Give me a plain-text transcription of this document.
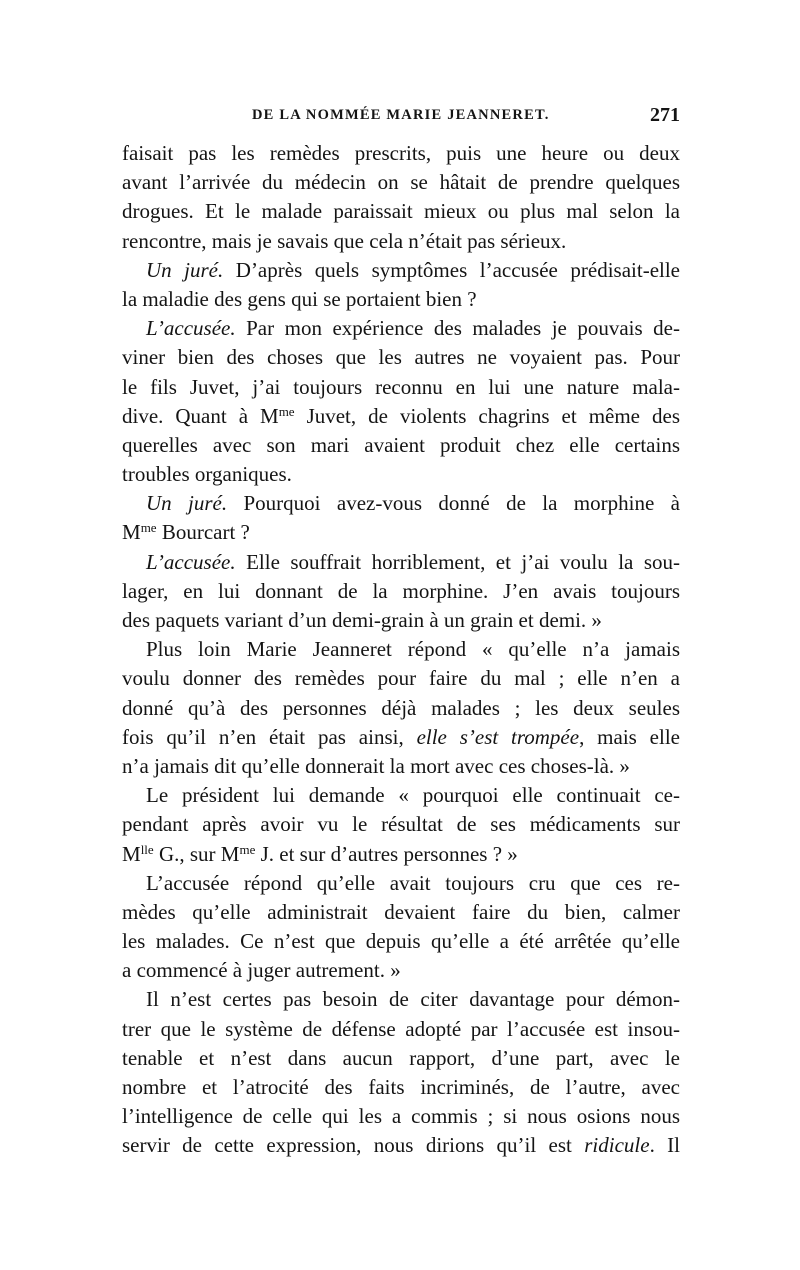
DE LA NOMMÉE MARIE JEANNERET.	271
faisait pas les remèdes prescrits, puis une heure ou deux
avant l’arrivée du médecin on se hâtait de prendre quelques
drogues. Et le malade paraissait mieux ou plus mal selon la
rencontre, mais je savais que cela n’était pas sérieux.
Un juré. D’après quels symptômes l’accusée prédisait-elle
la maladie des gens qui se portaient bien ?
L’accusée. Par mon expérience des malades je pouvais de-
viner bien des choses que les autres ne voyaient pas. Pour
le fils Juvet, j’ai toujours reconnu en lui une nature mala-
dive. Quant à $M^{me}$ Juvet, de violents chagrins et même des
querelles avec son mari avaient produit chez elle certains
troubles organiques.
Un juré. Pourquoi avez-vous donné de la morphine à
$M^{me}$ Bourcart ?
L’accusée. Elle souffrait horriblement, et j’ai voulu la sou-
lager, en lui donnant de la morphine. J’en avais toujours
des paquets variant d’un demi-grain à un grain et demi. »
Plus loin Marie Jeanneret répond « qu’elle n’a jamais
voulu donner des remèdes pour faire du mal ; elle n’en a
donné qu’à des personnes déjà malades ; les deux seules
fois qu’il n’en était pas ainsi, elle s’est trompée, mais elle
n’a jamais dit qu’elle donnerait la mort avec ces choses-là. »
Le président lui demande « pourquoi elle continuait ce-
pendant après avoir vu le résultat de ses médicaments sur
$M^{lle}$ G., sur $M^{me}$ J. et sur d’autres personnes ? »
L’accusée répond qu’elle avait toujours cru que ces re-
mèdes qu’elle administrait devaient faire du bien, calmer
les malades. Ce n’est que depuis qu’elle a été arrêtée qu’elle
a commencé à juger autrement. »
Il n’est certes pas besoin de citer davantage pour démon-
trer que le système de défense adopté par l’accusée est insou-
tenable et n’est dans aucun rapport, d’une part, avec le
nombre et l’atrocité des faits incriminés, de l’autre, avec
l’intelligence de celle qui les a commis ; si nous osions nous
servir de cette expression, nous dirions qu’il est ridicule. Il
